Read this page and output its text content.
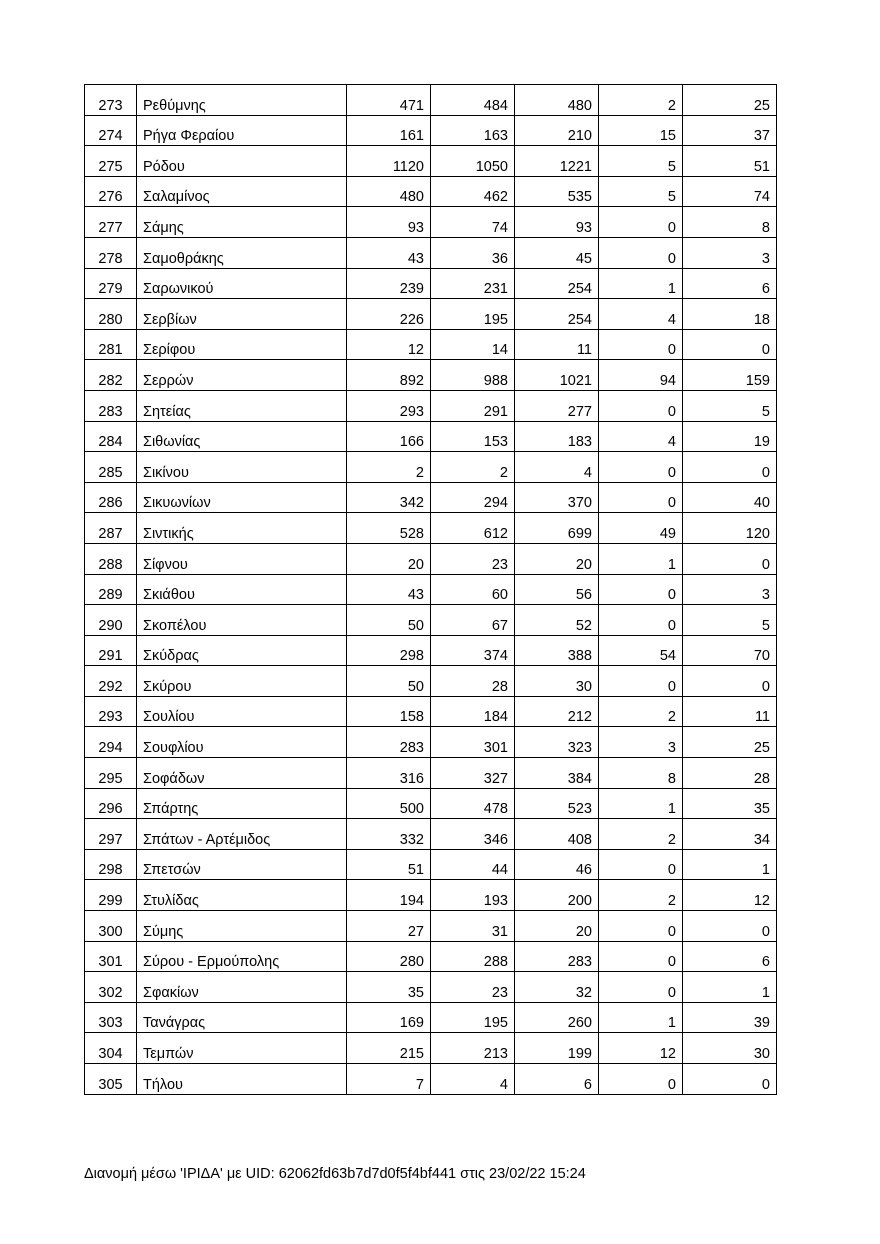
273	Ρεθύμνης	471	484	480	2	25
274	Ρήγα Φεραίου	161	163	210	15	37
275	Ρόδου	1120	1050	1221	5	51
276	Σαλαμίνος	480	462	535	5	74
277	Σάμης	93	74	93	0	8
278	Σαμοθράκης	43	36	45	0	3
279	Σαρωνικού	239	231	254	1	6
280	Σερβίων	226	195	254	4	18
281	Σερίφου	12	14	11	0	0
282	Σερρών	892	988	1021	94	159
283	Σητείας	293	291	277	0	5
284	Σιθωνίας	166	153	183	4	19
285	Σικίνου	2	2	4	0	0
286	Σικυωνίων	342	294	370	0	40
287	Σιντικής	528	612	699	49	120
288	Σίφνου	20	23	20	1	0
289	Σκιάθου	43	60	56	0	3
290	Σκοπέλου	50	67	52	0	5
291	Σκύδρας	298	374	388	54	70
292	Σκύρου	50	28	30	0	0
293	Σουλίου	158	184	212	2	11
294	Σουφλίου	283	301	323	3	25
295	Σοφάδων	316	327	384	8	28
296	Σπάρτης	500	478	523	1	35
297	Σπάτων - Αρτέμιδος	332	346	408	2	34
298	Σπετσών	51	44	46	0	1
299	Στυλίδας	194	193	200	2	12
300	Σύμης	27	31	20	0	0
301	Σύρου - Ερμούπολης	280	288	283	0	6
302	Σφακίων	35	23	32	0	1
303	Τανάγρας	169	195	260	1	39
304	Τεμπών	215	213	199	12	30
305	Τήλου	7	4	6	0	0
Διανομή μέσω 'ΙΡΙΔΑ' με UID: 62062fd63b7d7d0f5f4bf441 στις 23/02/22 15:24
